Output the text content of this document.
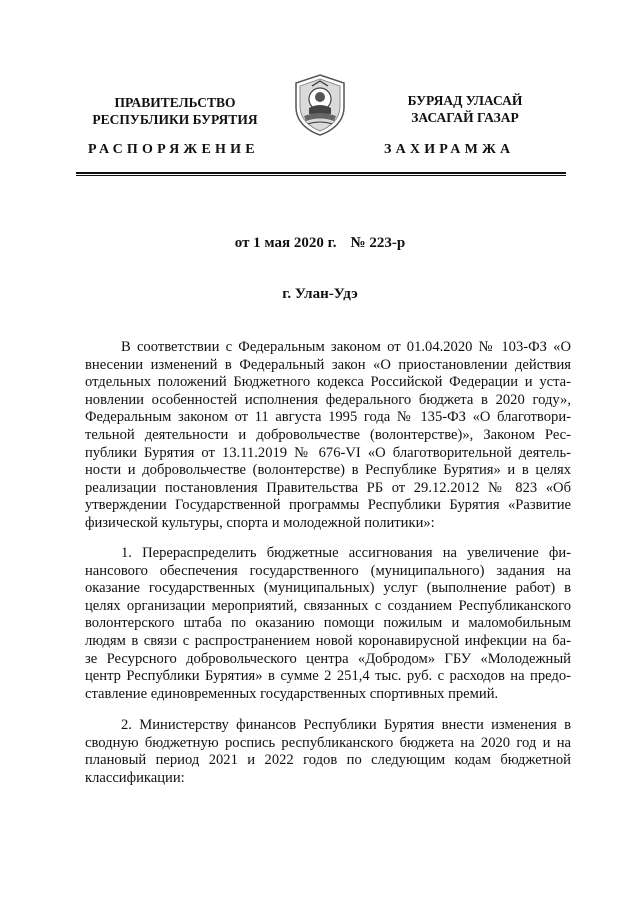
ПРАВИТЕЛЬСТВО
РЕСПУБЛИКИ БУРЯТИЯ
РАСПОРЯЖЕНИЕ
БУРЯАД УЛАСАЙ
ЗАСАГАЙ ГАЗАР
ЗАХИРАМЖА
от 1 мая 2020 г. № 223-р
г. Улан-Удэ
В соответствии с Федеральным законом от 01.04.2020 № 103-ФЗ «О
внесении изменений в Федеральный закон «О приостановлении действия
отдельных положений Бюджетного кодекса Российской Федерации и уста-
новлении особенностей исполнения федерального бюджета в 2020 году»,
Федеральным законом от 11 августа 1995 года № 135-ФЗ «О благотвори-
тельной деятельности и добровольчестве (волонтерстве)», Законом Рес-
публики Бурятия от 13.11.2019 № 676-VI «О благотворительной деятель-
ности и добровольчестве (волонтерстве) в Республике Бурятия» и в целях
реализации постановления Правительства РБ от 29.12.2012 № 823 «Об
утверждении Государственной программы Республики Бурятия «Развитие
физической культуры, спорта и молодежной политики»:
1. Перераспределить бюджетные ассигнования на увеличение фи-
нансового обеспечения государственного (муниципального) задания на
оказание государственных (муниципальных) услуг (выполнение работ) в
целях организации мероприятий, связанных с созданием Республиканского
волонтерского штаба по оказанию помощи пожилым и маломобильным
людям в связи с распространением новой коронавирусной инфекции на ба-
зе Ресурсного добровольческого центра «Добродом» ГБУ «Молодежный
центр Республики Бурятия» в сумме 2 251,4 тыс. руб. с расходов на предо-
ставление единовременных государственных спортивных премий.
2. Министерству финансов Республики Бурятия внести изменения в
сводную бюджетную роспись республиканского бюджета на 2020 год и на
плановый период 2021 и 2022 годов по следующим кодам бюджетной
классификации:
